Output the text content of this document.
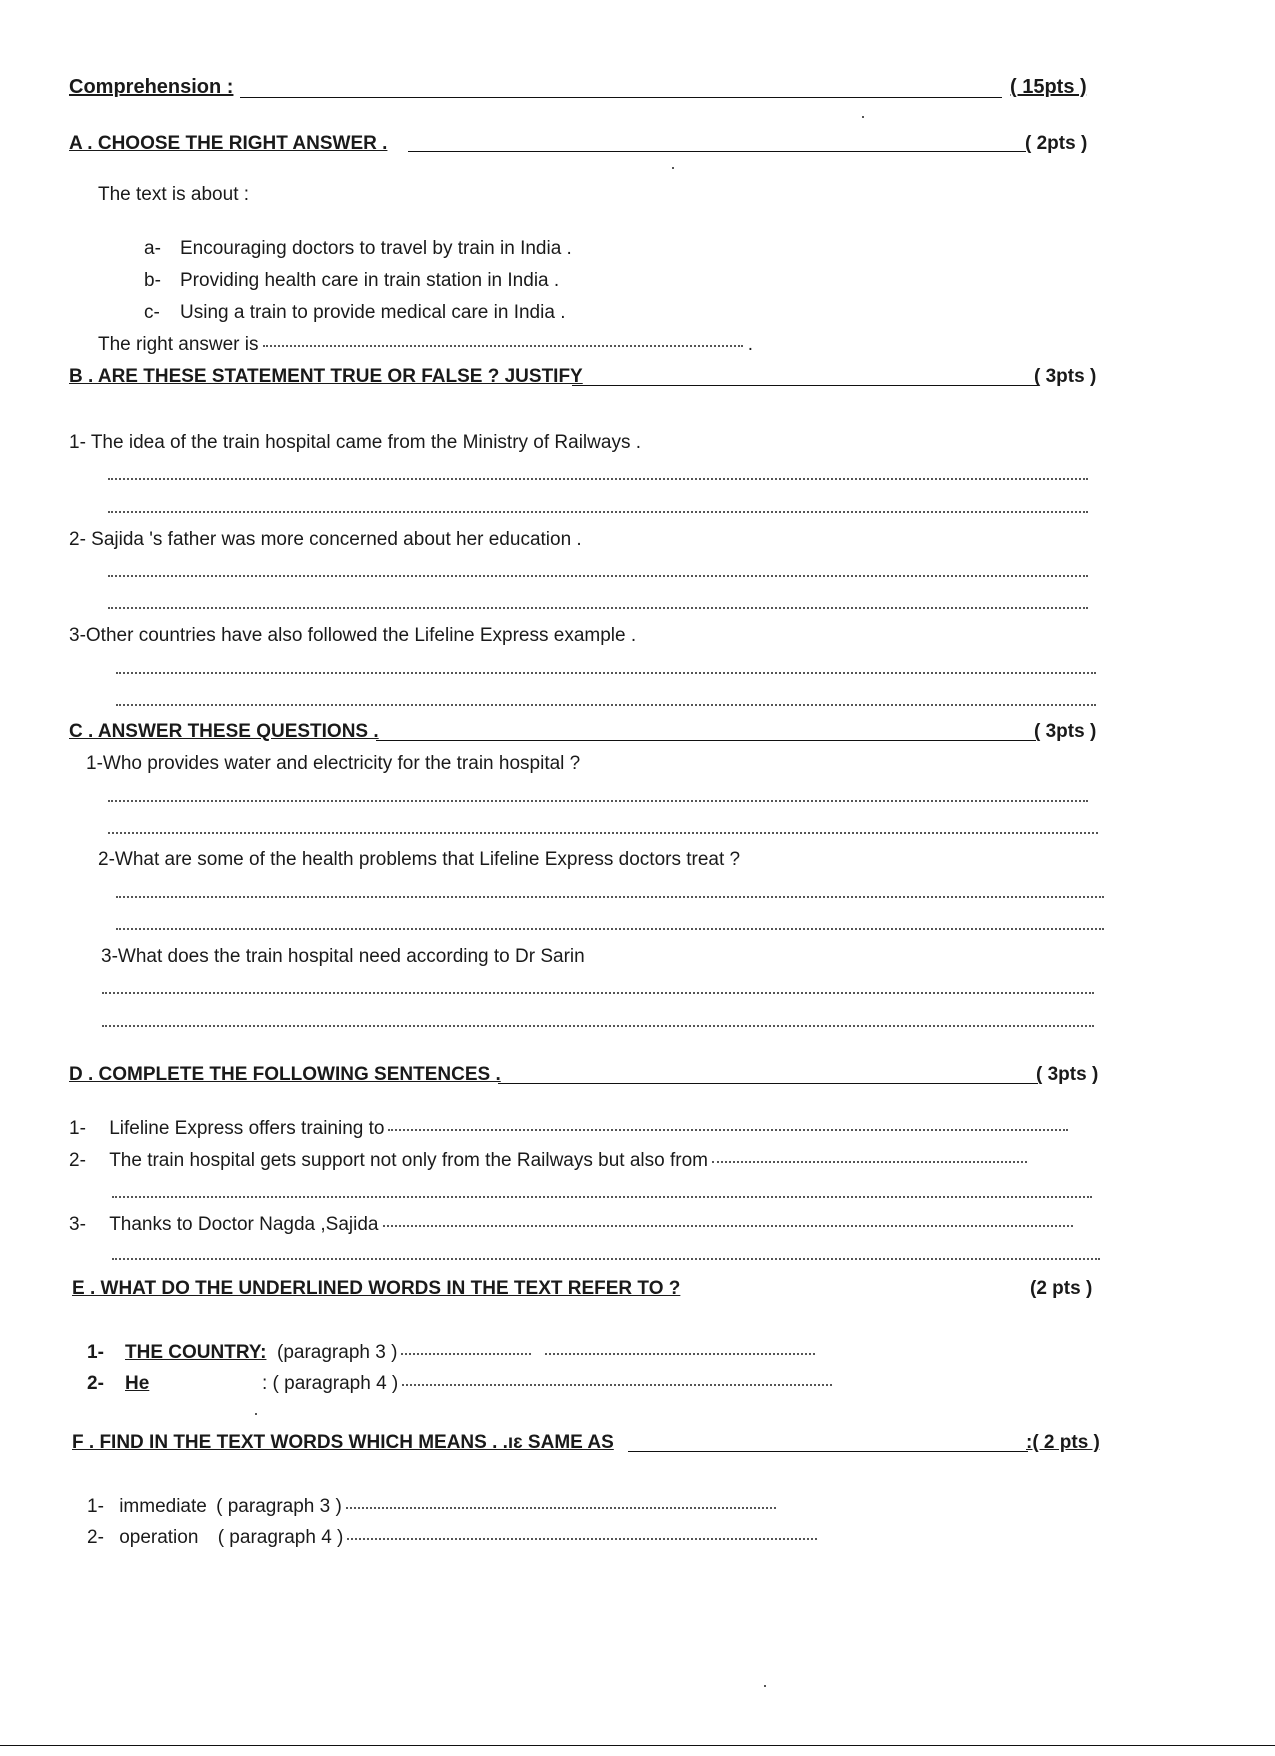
Comprehension :	( 15pts )
A . CHOOSE THE RIGHT ANSWER .	( 2pts )
The text is about :
a- Encouraging doctors to travel by train in India .
b- Providing health care in train station in India .
c- Using a train to provide medical care in India .
The right answer is	.
B . ARE THESE STATEMENT TRUE OR FALSE ? JUSTIFY	( 3pts )
1- The idea of the train hospital came from the Ministry of Railways .
2- Sajida 's father was more concerned about her education .
3-Other countries have also followed the Lifeline Express example .
C . ANSWER THESE QUESTIONS .	( 3pts )
1-Who provides water and electricity for the train hospital ?
2-What are some of the health problems that Lifeline Express doctors treat ?
3-What does the train hospital need according to Dr Sarin
D . COMPLETE THE FOLLOWING SENTENCES .	( 3pts )
1- Lifeline Express offers training to
2- The train hospital gets support not only from the Railways but also from
3- Thanks to Doctor Nagda ,Sajida
E . WHAT DO THE UNDERLINED WORDS IN THE TEXT REFER TO ?	(2 pts )
1- THE COUNTRY: (paragraph 3 )
2- He	: ( paragraph 4 )
F . FIND IN THE TEXT WORDS WHICH MEANS . .ıɛ SAME AS	:( 2 pts )
1- immediate ( paragraph 3 )
2- operation ( paragraph 4 )
